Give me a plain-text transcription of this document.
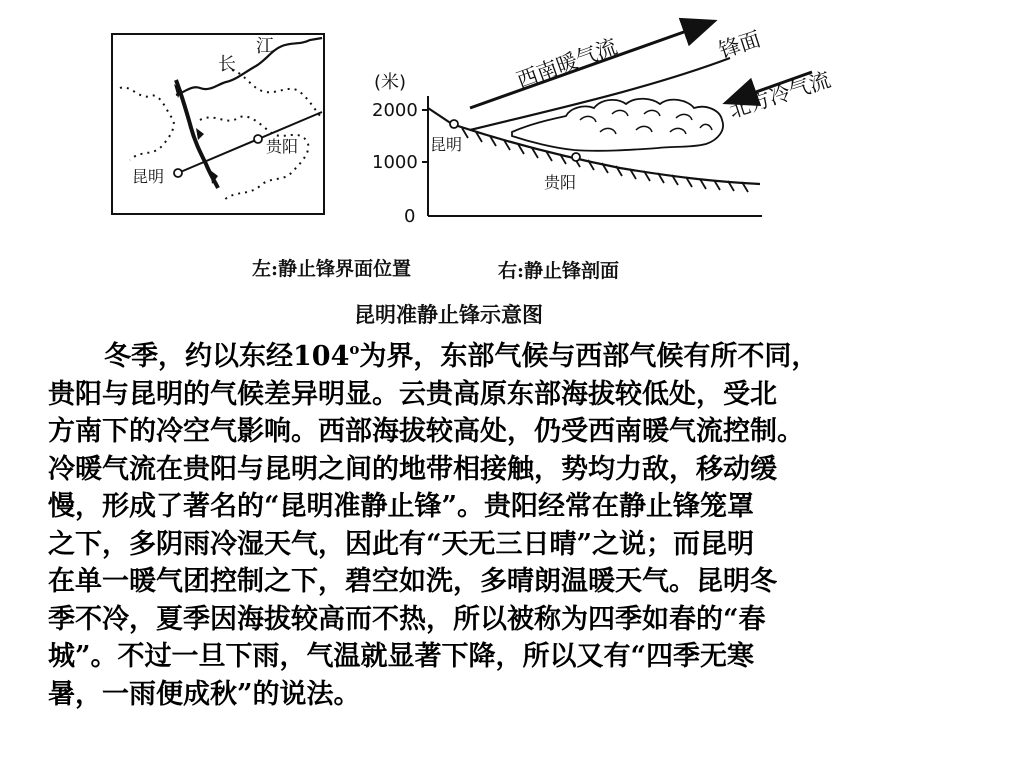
长
江
昆明
贵阳
(米)
2000
1000
0
昆明
贵阳
西南暖气流	锋面
北方冷气流
左:静止锋界面位置	右:静止锋剖面
昆明准静止锋示意图
冬季，约以东经104$^o$为界，东部气候与西部气候有所不同，
贵阳与昆明的气候差异明显。云贵高原东部海拔较低处，受北
方南下的冷空气影响。西部海拔较高处，仍受西南暖气流控制。
冷暖气流在贵阳与昆明之间的地带相接触，势均力敌，移动缓
慢，形成了著名的“昆明准静止锋”。贵阳经常在静止锋笼罩
之下，多阴雨冷湿天气，因此有“天无三日晴”之说；而昆明
在单一暖气团控制之下，碧空如洗，多晴朗温暖天气。昆明冬
季不冷，夏季因海拔较高而不热，所以被称为四季如春的“春
城”。不过一旦下雨，气温就显著下降，所以又有“四季无寒
暑，一雨便成秋”的说法。
